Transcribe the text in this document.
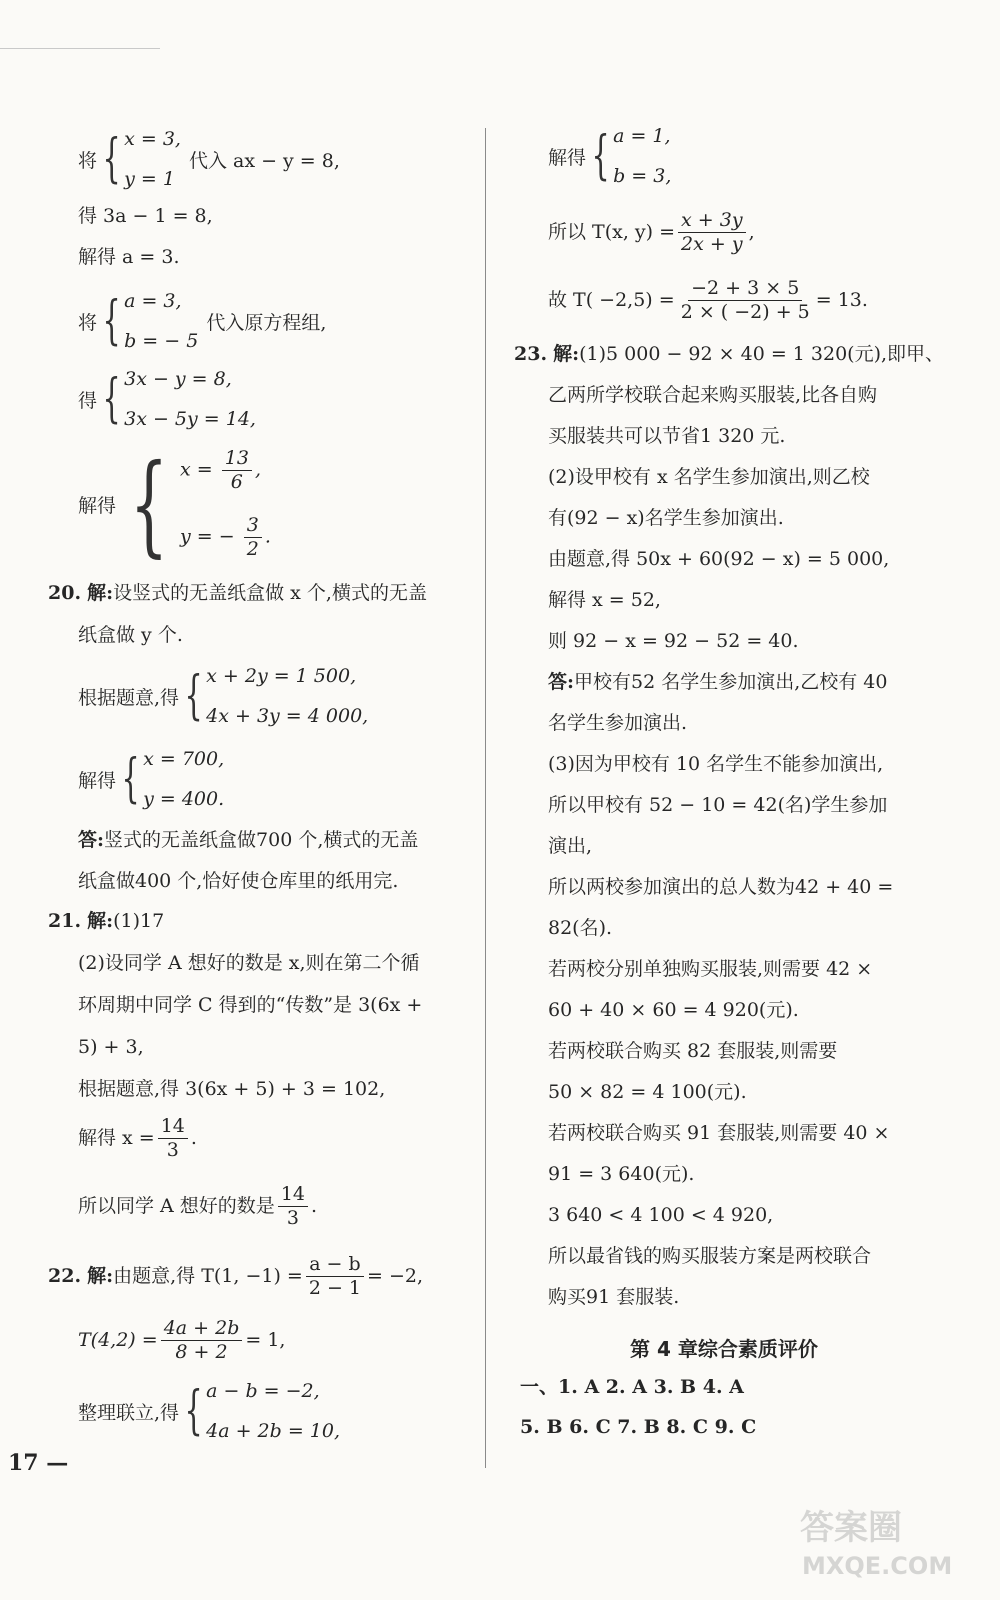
将 { x = 3,
y = 1
代入 ax − y = 8,
得 3a − 1 = 8,
解得 a = 3.
将 { a = 3,
b = − 5
代入原方程组,
得 { 3x − y = 8,
3x − 5y = 14,
解得 { $x = \frac{13}{6}$ ,
y = − $\frac{3}{2}$ .
20. 解:设竖式的无盖纸盒做 x 个,横式的无盖
纸盒做 y 个.
根据题意,得 { x + 2y = 1 500,
4x + 3y = 4 000,
解得 { x = 700,
y = 400.
答:竖式的无盖纸盒做700 个,横式的无盖
纸盒做400 个,恰好使仓库里的纸用完.
21. 解:(1)17
(2)设同学 A 想好的数是 x,则在第二个循
环周期中同学 C 得到的“传数”是 3(6x +
5) + 3,
根据题意,得 3(6x + 5) + 3 = 102,
解得 $x = \frac{14}{3}$ .
所以同学 A 想好的数是 $\frac{14}{3}$ .
22.
解: 由题意,得 T(1, $-1) = \frac{a - b}{2 - 1} = -2$,
$T(4,2) = \frac{4a + 2b}{8 + 2} = 1$,
整理联立,得 { a − b = −2,
4a + 2b = 10,
解得 { a = 1,
b = 3,
所以 T(x, $y) = \frac{x + 3y}{2x + y}$ ,
故 $T( -2,5) = \frac{-2 + 3 \times 5}{2 \times ( -2) + 5} = 13$.
23. 解:(1)5 000 − 92 × 40 = 1 320(元),即甲、
乙两所学校联合起来购买服装,比各自购
买服装共可以节省1 320 元.
(2)设甲校有 x 名学生参加演出,则乙校
有(92 − x)名学生参加演出.
由题意,得 50x + 60(92 − x) = 5 000,
解得 x = 52,
则 92 − x = 92 − 52 = 40.
答:甲校有52 名学生参加演出,乙校有 40
名学生参加演出.
(3)因为甲校有 10 名学生不能参加演出,
所以甲校有 52 − 10 = 42(名)学生参加
演出,
所以两校参加演出的总人数为42 + 40 =
82(名).
若两校分别单独购买服装,则需要 42 ×
60 + 40 × 60 = 4 920(元).
若两校联合购买 82 套服装,则需要
50 × 82 = 4 100(元).
若两校联合购买 91 套服装,则需要 40 ×
91 = 3 640(元).
3 640 < 4 100 < 4 920,
所以最省钱的购买服装方案是两校联合
购买91 套服装.
第 4 章综合素质评价
一、1. A 2. A 3. B 4. A
5. B 6. C 7. B 8. C 9. C
17 —
答案圈
MXQE.COM
